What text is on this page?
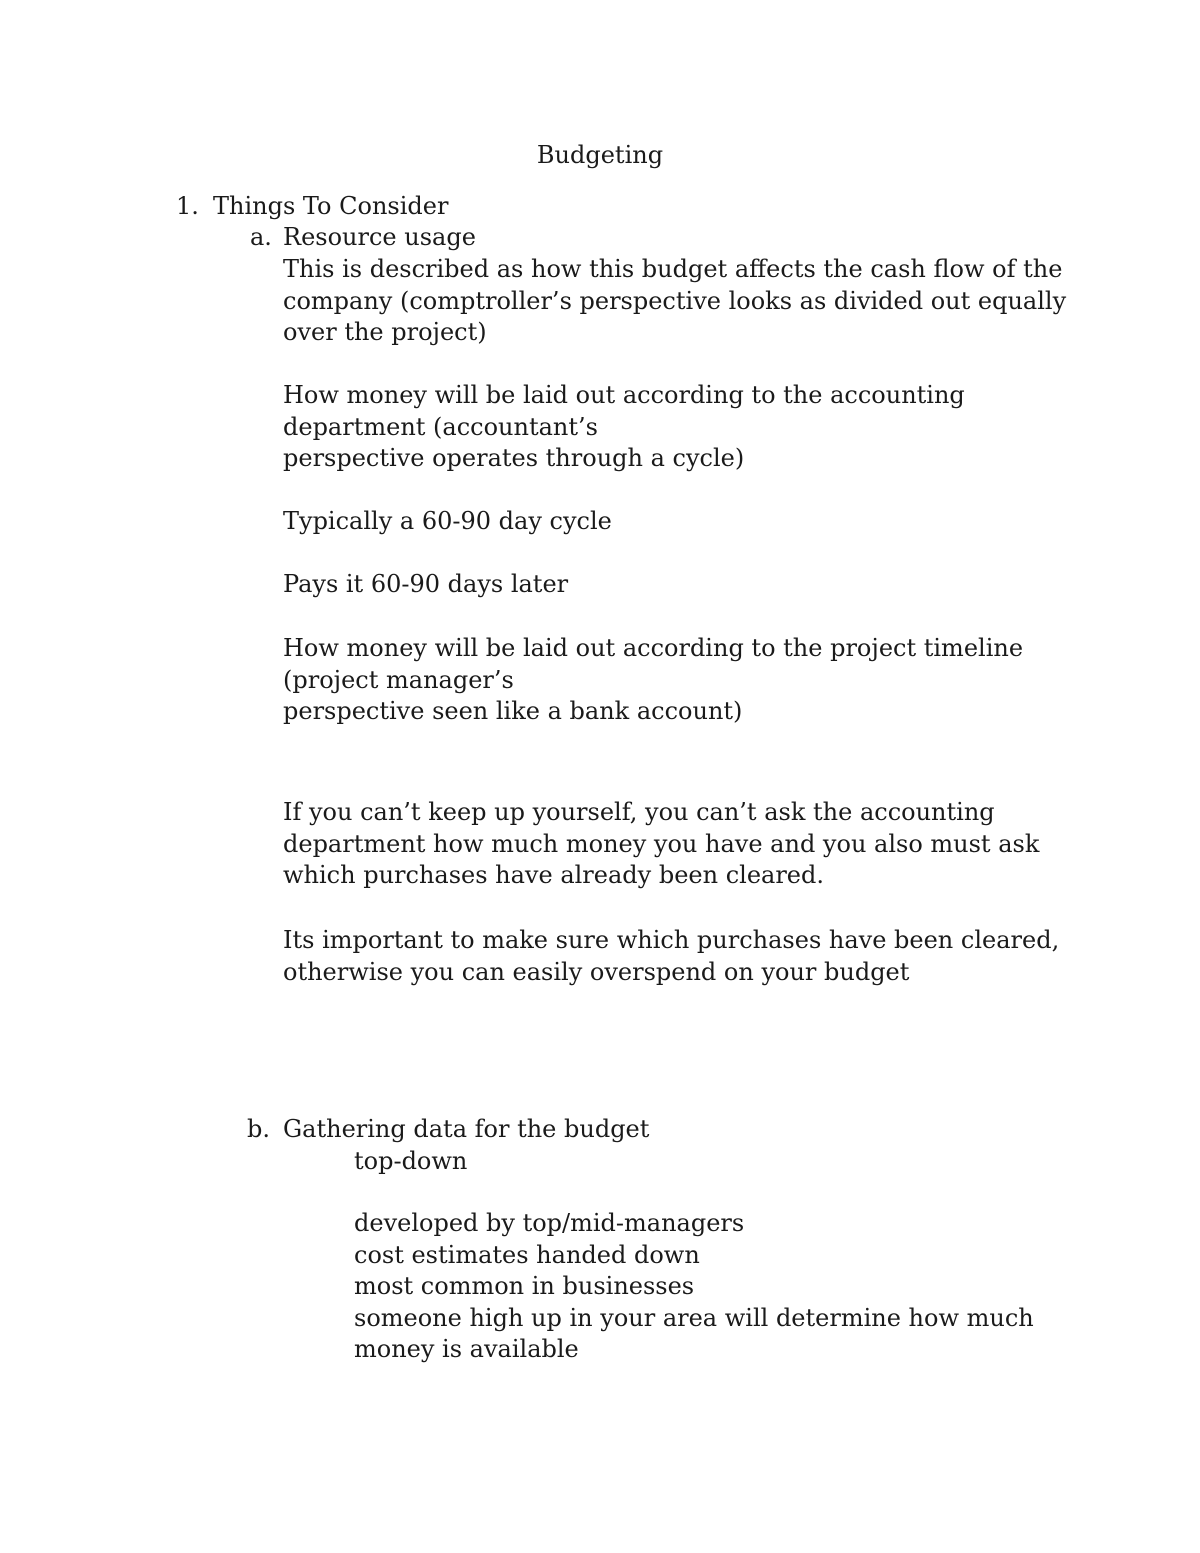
Budgeting
1. Things To Consider
a. Resource usage
This is described as how this budget affects the cash flow of the
company (comptroller’s perspective looks as divided out equally
over the project)
How money will be laid out according to the accounting
department (accountant’s
perspective operates through a cycle)
Typically a 60-90 day cycle
Pays it 60-90 days later
How money will be laid out according to the project timeline
(project manager’s
perspective seen like a bank account)
If you can’t keep up yourself, you can’t ask the accounting
department how much money you have and you also must ask
which purchases have already been cleared.
Its important to make sure which purchases have been cleared,
otherwise you can easily overspend on your budget
b. Gathering data for the budget
top-down
developed by top/mid-managers
cost estimates handed down
most common in businesses
someone high up in your area will determine how much
money is available
